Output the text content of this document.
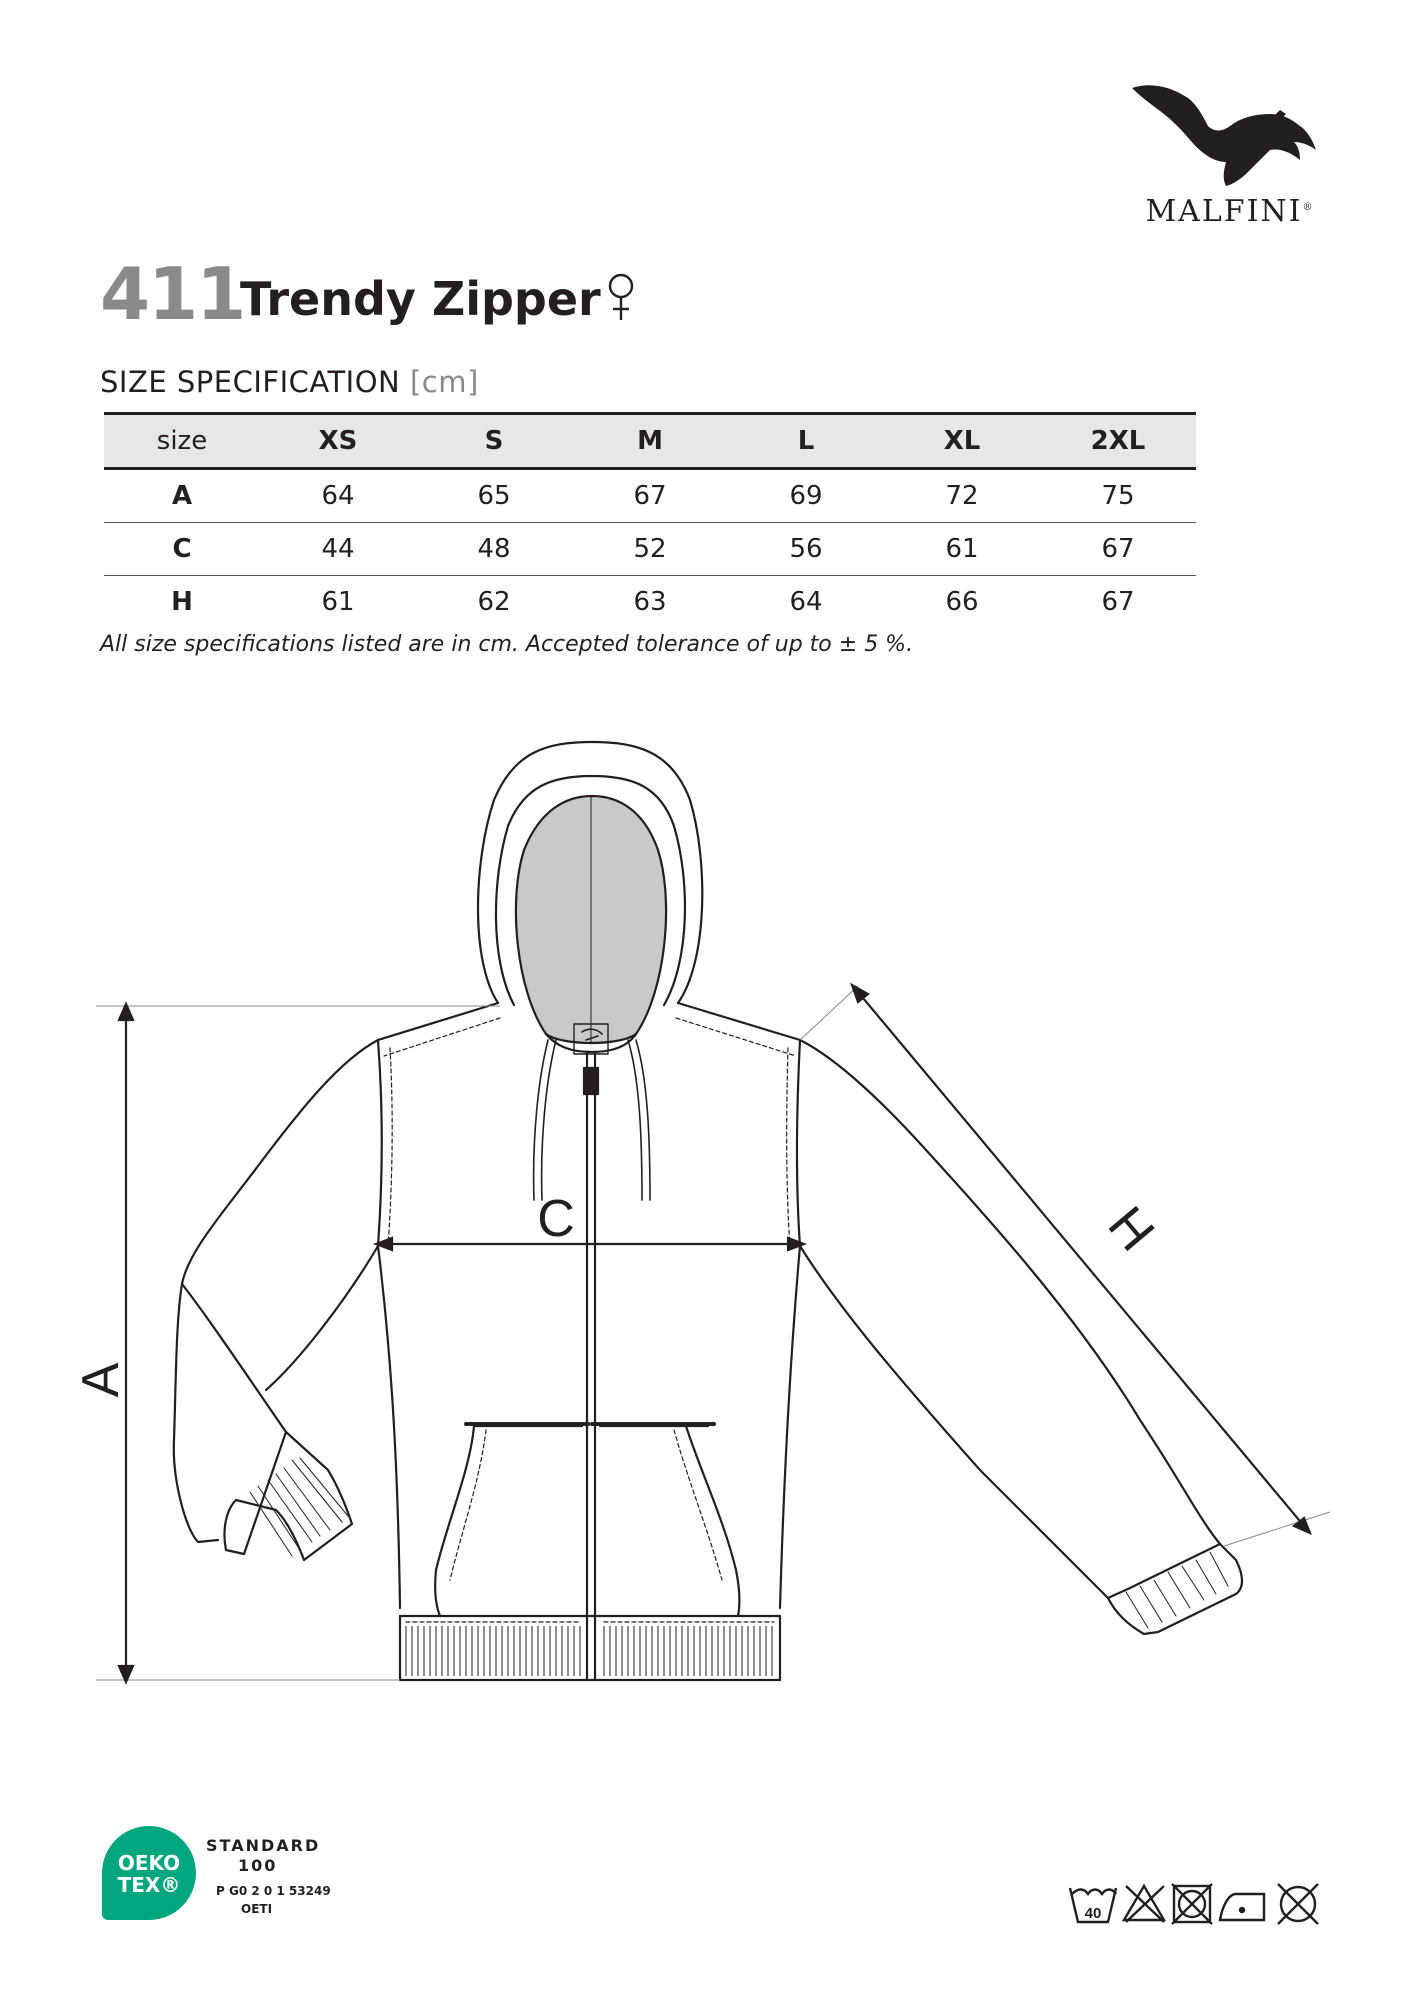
MALFINI®
411
Trendy Zipper
SIZE SPECIFICATION [cm]
size	XS	S	M	L	XL	2XL
A	64	65	67	69	72	75
C	44	48	52	56	61	67
H	61	62	63	64	66	67
All size specifications listed are in cm. Accepted tolerance of up to ± 5 %.
A
C	H
OEKO
TEX®
STANDARD
100
P G0 2 0 1 53249
OETI	40
